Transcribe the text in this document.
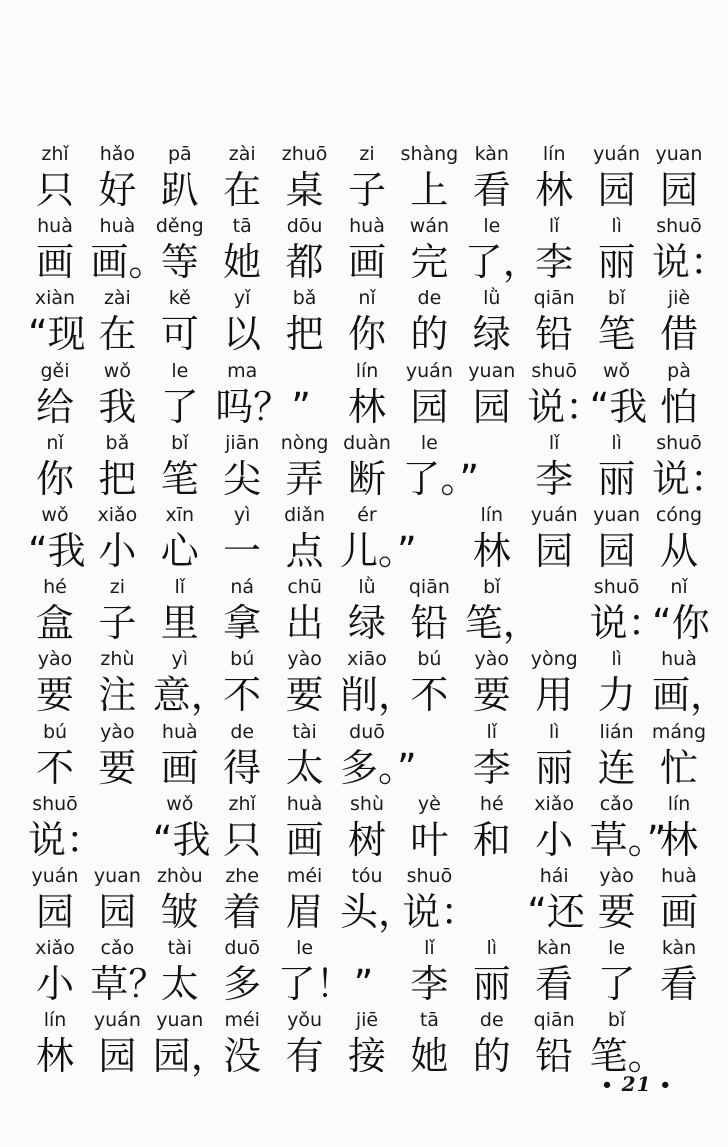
zhǐ hǎo pā zài zhuō zi shàng kàn lín yuán yuan
只 好 趴 在 桌 子 上 看 林 园 园
huà huà děng tā dōu huà wán le	lǐ	lì shuō
画 画。
等 她 都 画 完 了，
李 丽 说：
xiàn zài kě yǐ bǎ nǐ de lǜ qiān bǐ jiè
“现 在 可 以 把 你 的 绿 铅 笔 借
gěi wǒ le ma	lín yuán yuan shuō wǒ pà
给 我 了 吗？” 林 园 园 说：
“我 怕
nǐ bǎ bǐ jiān nòng duàn le	lǐ	lì shuō
你 把 笔 尖 弄 断 了。” 李 丽 说：
wǒ xiǎo xīn yì diǎn ér	lín yuán yuan cóng
“我 小 心 一 点 儿。” 林 园 园 从
hé zi	lǐ ná chū lǜ qiān bǐ	shuō nǐ
盒 子 里 拿 出 绿 铅 笔， 说：
“你
yào zhù yì bú yào xiāo bú yào yòng lì huà
要 注 意，
不 要 削，
不 要 用 力 画，
bú yào huà de tài duō	lǐ	lì lián máng
不 要 画 得 太 多。” 李 丽 连 忙
shuō	wǒ zhǐ huà shù yè hé xiǎo cǎo lín
说： “我 只 画 树 叶 和 小 草。”
林
yuán yuan zhòu zhe méi tóu shuō	hái yào huà
园 园 皱 着 眉 头，
说： “还 要 画
xiǎo cǎo tài duō le	lǐ	lì kàn le kàn
小 草？
太 多 了！” 李 丽 看 了 看
lín yuán yuan méi yǒu jiē tā de qiān bǐ
林 园 园，
没 有 接 她 的 铅 笔。
• 21 •
